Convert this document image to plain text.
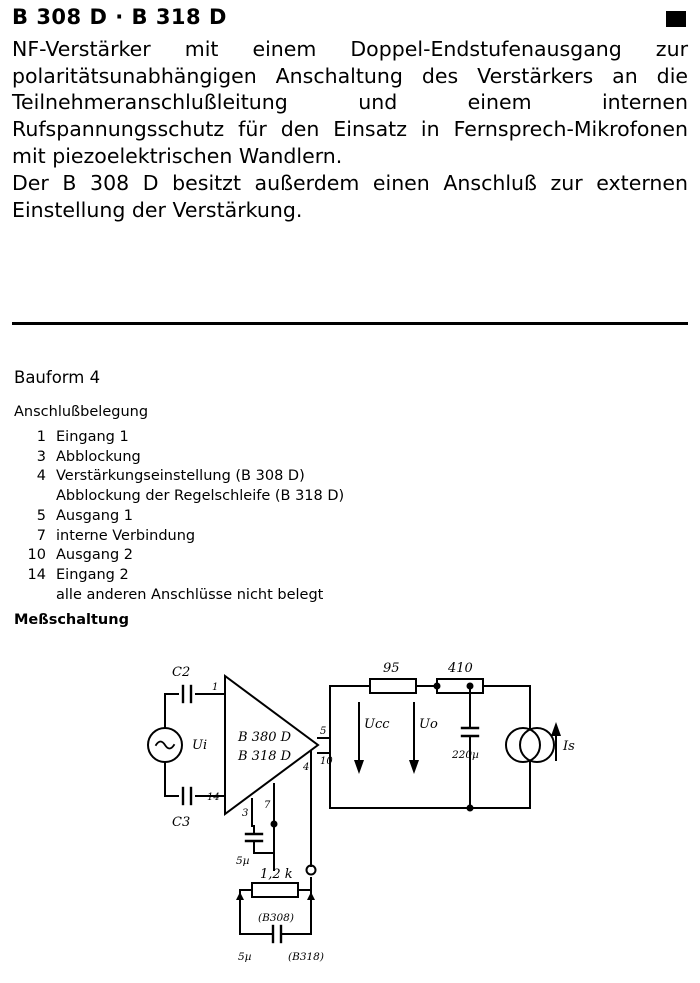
B 308 D · B 318 D

NF-Verstärker mit einem Doppel-Endstufenausgang zur polaritätsunabhängigen Anschaltung des Verstärkers an die Teilnehmeranschlußleitung und einem internen Rufspannungsschutz für den Einsatz in Fernsprech-Mikrofonen mit piezoelektrischen Wandlern.

Der B 308 D besitzt außerdem einen Anschluß zur externen Einstellung der Verstärkung.

Bauform 4
Anschlußbelegung
1 Eingang 1
3 Abblockung
4 Verstärkungseinstellung (B 308 D)
Abblockung der Regelschleife (B 318 D)
5 Ausgang 1
7 interne Verbindung
10 Ausgang 2
14 Eingang 2
alle anderen Anschlüsse nicht belegt
Meßschaltung
C2
C3
Ui
B 380 D
B 318 D
1
14
3
7
4
5
10
95	410
Ucc Uo
220µ
Is
5µ
1,2 k
(B308)
5µ	(B318)
